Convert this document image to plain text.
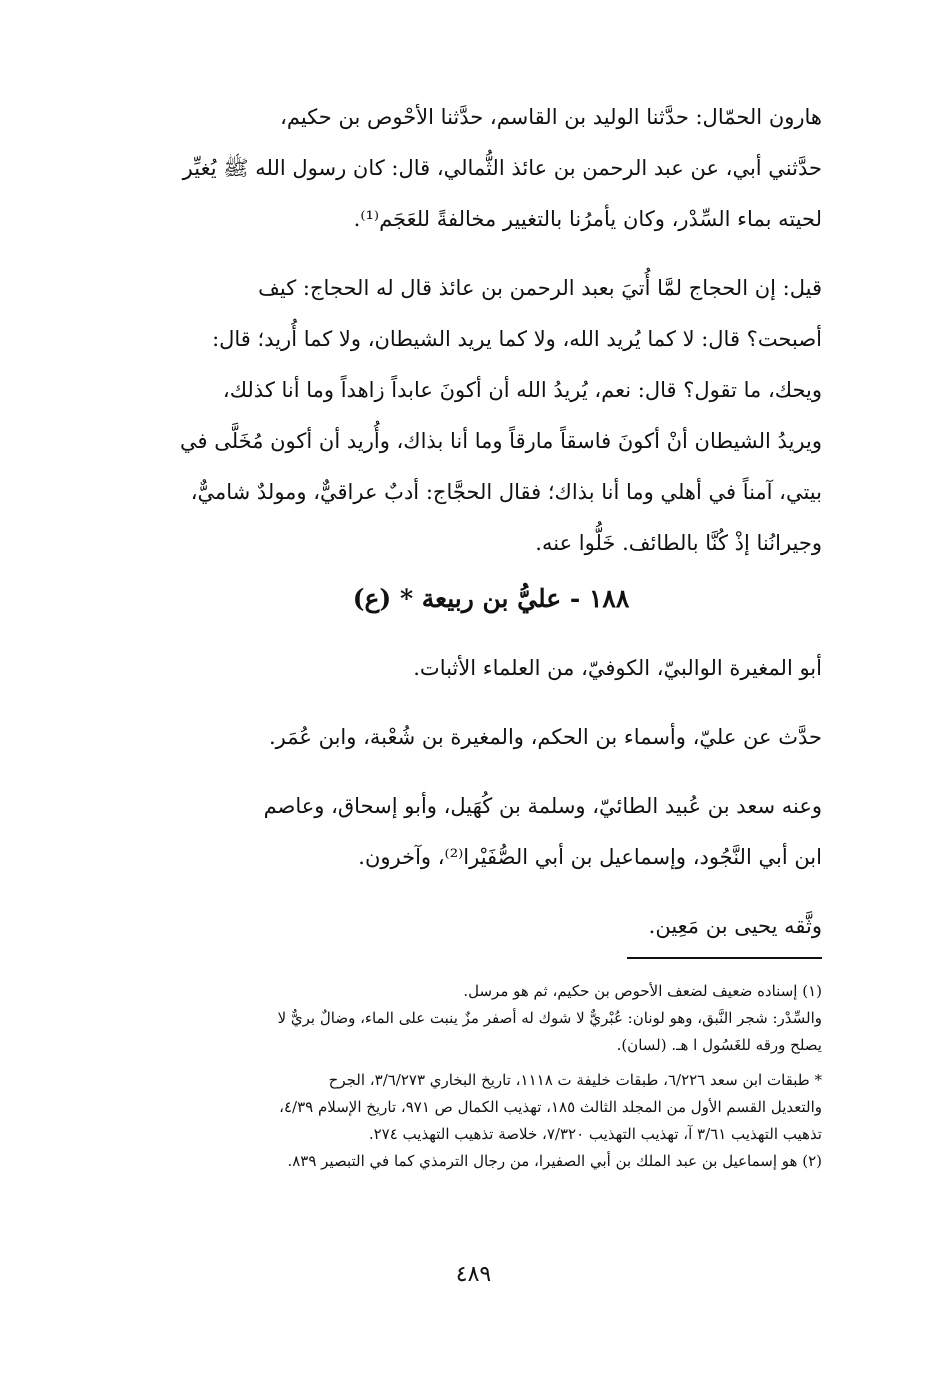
هارون الحمّال: حدَّثنا الوليد بن القاسم، حدَّثنا الأحْوص بن حكيم،

حدَّثني أبي، عن عبد الرحمن بن عائذ الثُّمالي، قال: كان رسول الله ﷺ يُغيِّر

لحيته بماء السِّدْر، وكان يأمرُنا بالتغيير مخالفةً للعَجَم⁽¹⁾.

قيل: إن الحجاج لمَّا أُتيَ بعبد الرحمن بن عائذ قال له الحجاج: كيف

أصبحت؟ قال: لا كما يُريد الله، ولا كما يريد الشيطان، ولا كما أُريد؛ قال:

ويحك، ما تقول؟ قال: نعم، يُريدُ الله أن أكونَ عابداً زاهداً وما أنا كذلك،

ويريدُ الشيطان أنْ أكونَ فاسقاً مارقاً وما أنا بذاك، وأُريد أن أكون مُخَلَّى في

بيتي، آمناً في أهلي وما أنا بذاك؛ فقال الحجَّاج: أدبٌ عراقيٌّ، ومولدٌ شاميٌّ،

وجيرانُنا إذْ كُنَّا بالطائف. خَلُّوا عنه.

١٨٨ - عليُّ بن ربيعة * (ع)

أبو المغيرة الوالبيّ، الكوفيّ، من العلماء الأثبات.

حدَّث عن عليّ، وأسماء بن الحكم، والمغيرة بن شُعْبة، وابن عُمَر.

وعنه سعد بن عُبيد الطائيّ، وسلمة بن كُهَيل، وأبو إسحاق، وعاصم

ابن أبي النَّجُود، وإسماعيل بن أبي الصُّفَيْرا⁽²⁾، وآخرون.

وثَّقه يحيى بن مَعِين.

(١) إسناده ضعيف لضعف الأحوص بن حكيم، ثم هو مرسل.

والسِّدْر: شجر النَّبق، وهو لونان: عُبْريٌّ لا شوك له أصفر مزٌ ينبت على الماء، وضالٌ بريٌّ لا

يصلح ورقه للغَسُول ا هـ. (لسان).

* طبقات ابن سعد ٦/٢٢٦، طبقات خليفة ت ١١١٨، تاريخ البخاري ٣/٦/٢٧٣، الجرح

والتعديل القسم الأول من المجلد الثالث ١٨٥، تهذيب الكمال ص ٩٧١، تاريخ الإسلام ٤/٣٩،

تذهيب التهذيب ٣/٦١ آ، تهذيب التهذيب ٧/٣٢٠، خلاصة تذهيب التهذيب ٢٧٤.

(٢) هو إسماعيل بن عبد الملك بن أبي الصفيرا، من رجال الترمذي كما في التبصير ٨٣٩.

٤٨٩
